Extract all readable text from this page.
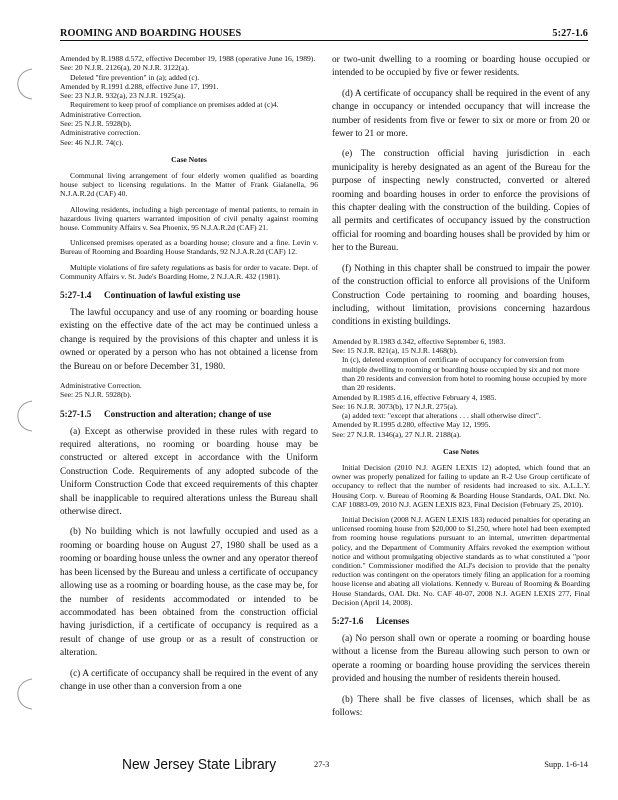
ROOMING AND BOARDING HOUSES	5:27-1.6

Amended by R.1988 d.572, effective December 19, 1988 (operative June 16, 1989).

See: 20 N.J.R. 2126(a), 20 N.J.R. 3122(a).

Deleted "fire prevention" in (a); added (c).

Amended by R.1991 d.288, effective June 17, 1991.

See: 23 N.J.R. 932(a), 23 N.J.R. 1925(a).

Requirement to keep proof of compliance on premises added at (c)4.

Administrative Correction.

See: 25 N.J.R. 5928(b).

Administrative correction.

See: 46 N.J.R. 74(c).

Case Notes

Communal living arrangement of four elderly women qualified as boarding house subject to licensing regulations. In the Matter of Frank Gialanella, 96 N.J.A.R.2d (CAF) 40.

Allowing residents, including a high percentage of mental patients, to remain in hazardous living quarters warranted imposition of civil penalty against rooming house. Community Affairs v. Sea Phoenix, 95 N.J.A.R.2d (CAF) 21.

Unlicensed premises operated as a boarding house; closure and a fine. Levin v. Bureau of Rooming and Boarding House Standards, 92 N.J.A.R.2d (CAF) 12.

Multiple violations of fire safety regulations as basis for order to vacate. Dept. of Community Affairs v. St. Jude's Boarding Home, 2 N.J.A.R. 432 (1981).

5:27-1.4 Continuation of lawful existing use

The lawful occupancy and use of any rooming or boarding house existing on the effective date of the act may be continued unless a change is required by the provisions of this chapter and unless it is owned or operated by a person who has not obtained a license from the Bureau on or before December 31, 1980.

Administrative Correction.

See: 25 N.J.R. 5928(b).

5:27-1.5 Construction and alteration; change of use

(a) Except as otherwise provided in these rules with regard to required alterations, no rooming or boarding house may be constructed or altered except in accordance with the Uniform Construction Code. Requirements of any adopted subcode of the Uniform Construction Code that exceed requirements of this chapter shall be inapplicable to required alterations unless the Bureau shall otherwise direct.

(b) No building which is not lawfully occupied and used as a rooming or boarding house on August 27, 1980 shall be used as a rooming or boarding house unless the owner and any operator thereof has been licensed by the Bureau and unless a certificate of occupancy allowing use as a rooming or boarding house, as the case may be, for the number of residents accommodated or intended to be accommodated has been obtained from the construction official having jurisdiction, if a certificate of occupancy is required as a result of change of use group or as a result of construction or alteration.

(c) A certificate of occupancy shall be required in the event of any change in use other than a conversion from a one

or two-unit dwelling to a rooming or boarding house occupied or intended to be occupied by five or fewer residents.

(d) A certificate of occupancy shall be required in the event of any change in occupancy or intended occupancy that will increase the number of residents from five or fewer to six or more or from 20 or fewer to 21 or more.

(e) The construction official having jurisdiction in each municipality is hereby designated as an agent of the Bureau for the purpose of inspecting newly constructed, converted or altered rooming and boarding houses in order to enforce the provisions of this chapter dealing with the construction of the building. Copies of all permits and certificates of occupancy issued by the construction official for rooming and boarding houses shall be provided by him or her to the Bureau.

(f) Nothing in this chapter shall be construed to impair the power of the construction official to enforce all provisions of the Uniform Construction Code pertaining to rooming and boarding houses, including, without limitation, provisions concerning hazardous conditions in existing buildings.

Amended by R.1983 d.342, effective September 6, 1983.

See: 15 N.J.R. 821(a), 15 N.J.R. 1468(b).

In (c), deleted exemption of certificate of occupancy for conversion from multiple dwelling to rooming or boarding house occupied by six and not more than 20 residents and conversion from hotel to rooming house occupied by more than 20 residents.

Amended by R.1985 d.16, effective February 4, 1985.

See: 16 N.J.R. 3073(b), 17 N.J.R. 275(a).

(a) added text: "except that alterations . . . shall otherwise direct".

Amended by R.1995 d.280, effective May 12, 1995.

See: 27 N.J.R. 1346(a), 27 N.J.R. 2188(a).

Case Notes

Initial Decision (2010 N.J. AGEN LEXIS 12) adopted, which found that an owner was properly penalized for failing to update an R-2 Use Group certificate of occupancy to reflect that the number of residents had increased to six. A.L.L.Y. Housing Corp. v. Bureau of Rooming & Boarding House Standards, OAL Dkt. No. CAF 10883-09, 2010 N.J. AGEN LEXIS 823, Final Decision (February 25, 2010).

Initial Decision (2008 N.J. AGEN LEXIS 183) reduced penalties for operating an unlicensed rooming house from $20,000 to $1,250, where hotel had been exempted from rooming house regulations pursuant to an internal, unwritten departmental policy, and the Department of Community Affairs revoked the exemption without notice and without promulgating objective standards as to what constituted a "poor condition." Commissioner modified the ALJ's decision to provide that the penalty reduction was contingent on the operators timely filing an application for a rooming house license and abating all violations. Kennedy v. Bureau of Rooming & Boarding House Standards, OAL Dkt. No. CAF 40-07, 2008 N.J. AGEN LEXIS 277, Final Decision (April 14, 2008).

5:27-1.6 Licenses

(a) No person shall own or operate a rooming or boarding house without a license from the Bureau allowing such person to own or operate a rooming or boarding house providing the services therein provided and housing the number of residents therein housed.

(b) There shall be five classes of licenses, which shall be as follows:

New Jersey State Library	27-3	Supp. 1-6-14
